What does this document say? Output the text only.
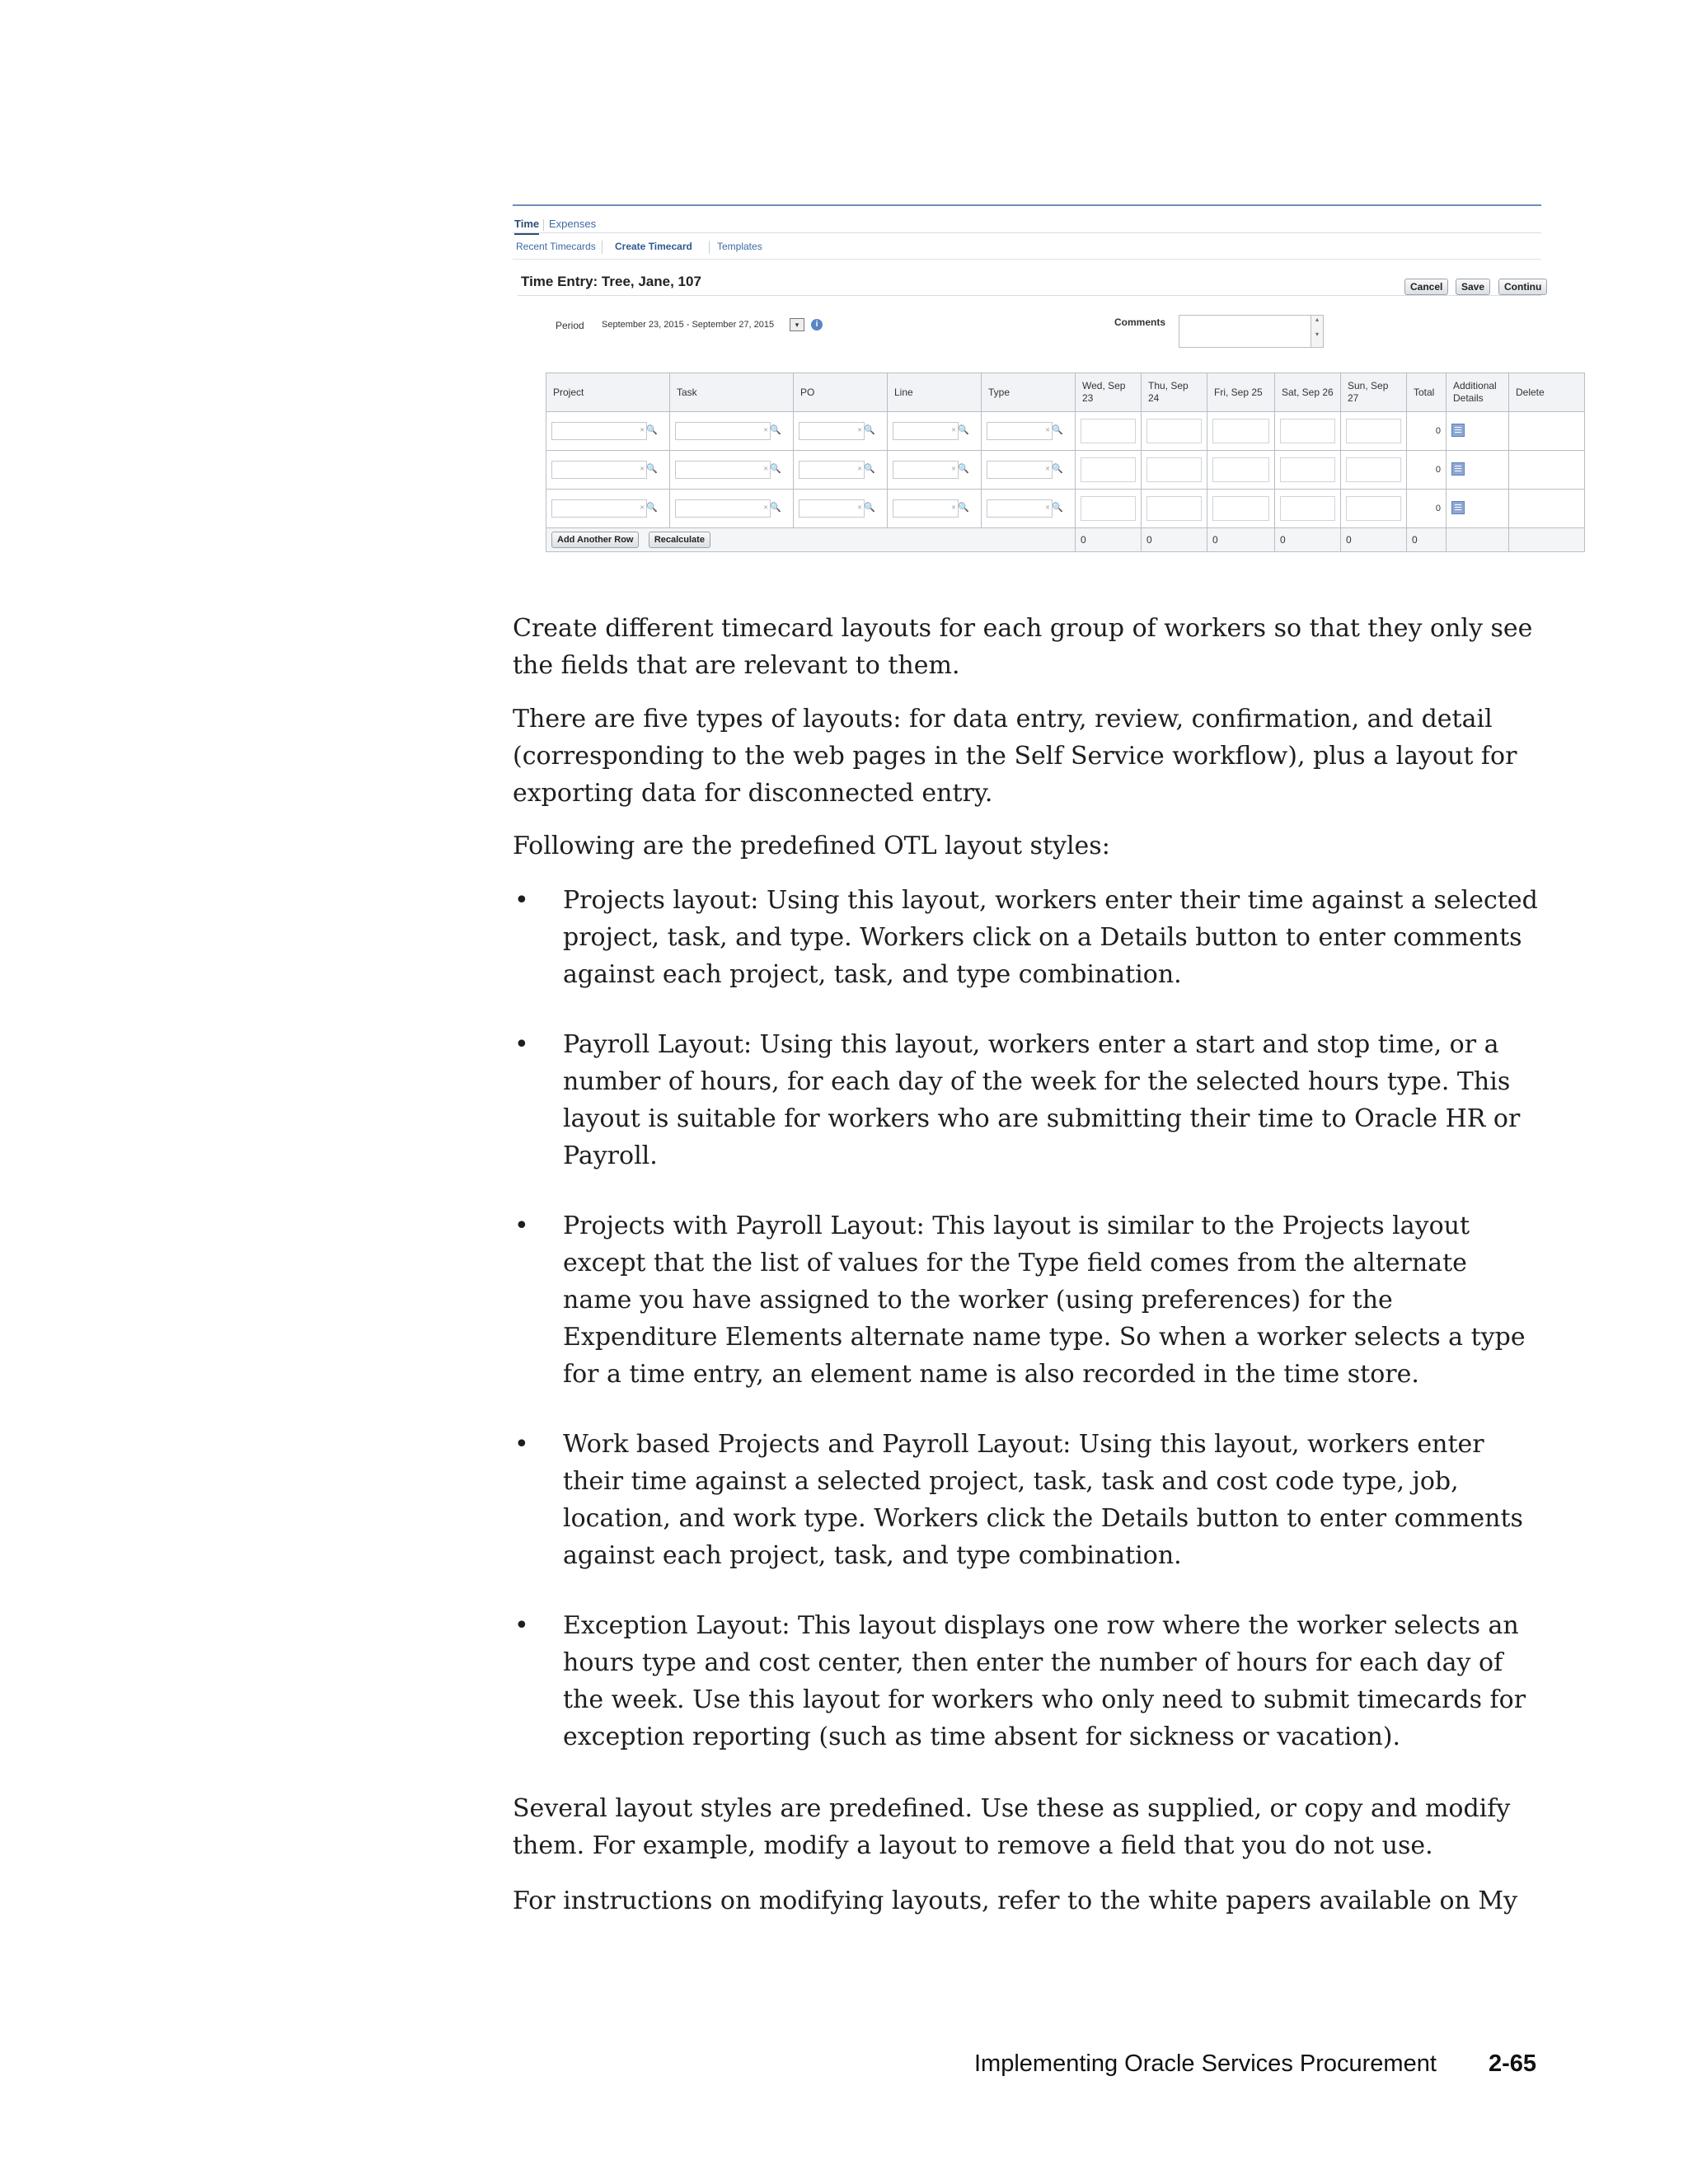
Time Expenses
Recent Timecards Create Timecard	Templates
Time Entry: Tree, Jane, 107	Cancel	Save	Continu
Period September 23, 2015 - September 27, 2015	▾	i	Comments	▴

▾
Project	Task	PO	Line	Type	Wed, Sep 23	Thu, Sep 24	Fri, Sep 25	Sat, Sep 26	Sun, Sep 27	Total	Additional Details	Delete

✕ 🔍	✕ 🔍	✕ 🔍	✕ 🔍	✕ 🔍						0		

✕ 🔍	✕ 🔍	✕ 🔍	✕ 🔍	✕ 🔍						0		

✕ 🔍	✕ 🔍	✕ 🔍	✕ 🔍	✕ 🔍						0		
Add Another Row Recalculate					0	0	0	0	0	0		

Create different timecard layouts for each group of workers so that they only see the fields that are relevant to them.

There are five types of layouts: for data entry, review, confirmation, and detail (corresponding to the web pages in the Self Service workflow), plus a layout for exporting data for disconnected entry.

Following are the predefined OTL layout styles:

• Projects layout: Using this layout, workers enter their time against a selected project, task, and type. Workers click on a Details button to enter comments against each project, task, and type combination.
• Payroll Layout: Using this layout, workers enter a start and stop time, or a number of hours, for each day of the week for the selected hours type. This layout is suitable for workers who are submitting their time to Oracle HR or Payroll.
• Projects with Payroll Layout: This layout is similar to the Projects layout except that the list of values for the Type field comes from the alternate name you have assigned to the worker (using preferences) for the Expenditure Elements alternate name type. So when a worker selects a type for a time entry, an element name is also recorded in the time store.
• Work based Projects and Payroll Layout: Using this layout, workers enter their time against a selected project, task, task and cost code type, job, location, and work type. Workers click the Details button to enter comments against each project, task, and type combination.
• Exception Layout: This layout displays one row where the worker selects an hours type and cost center, then enter the number of hours for each day of the week. Use this layout for workers who only need to submit timecards for exception reporting (such as time absent for sickness or vacation).

Several layout styles are predefined. Use these as supplied, or copy and modify them. For example, modify a layout to remove a field that you do not use.

For instructions on modifying layouts, refer to the white papers available on My

Implementing Oracle Services Procurement 2-65
